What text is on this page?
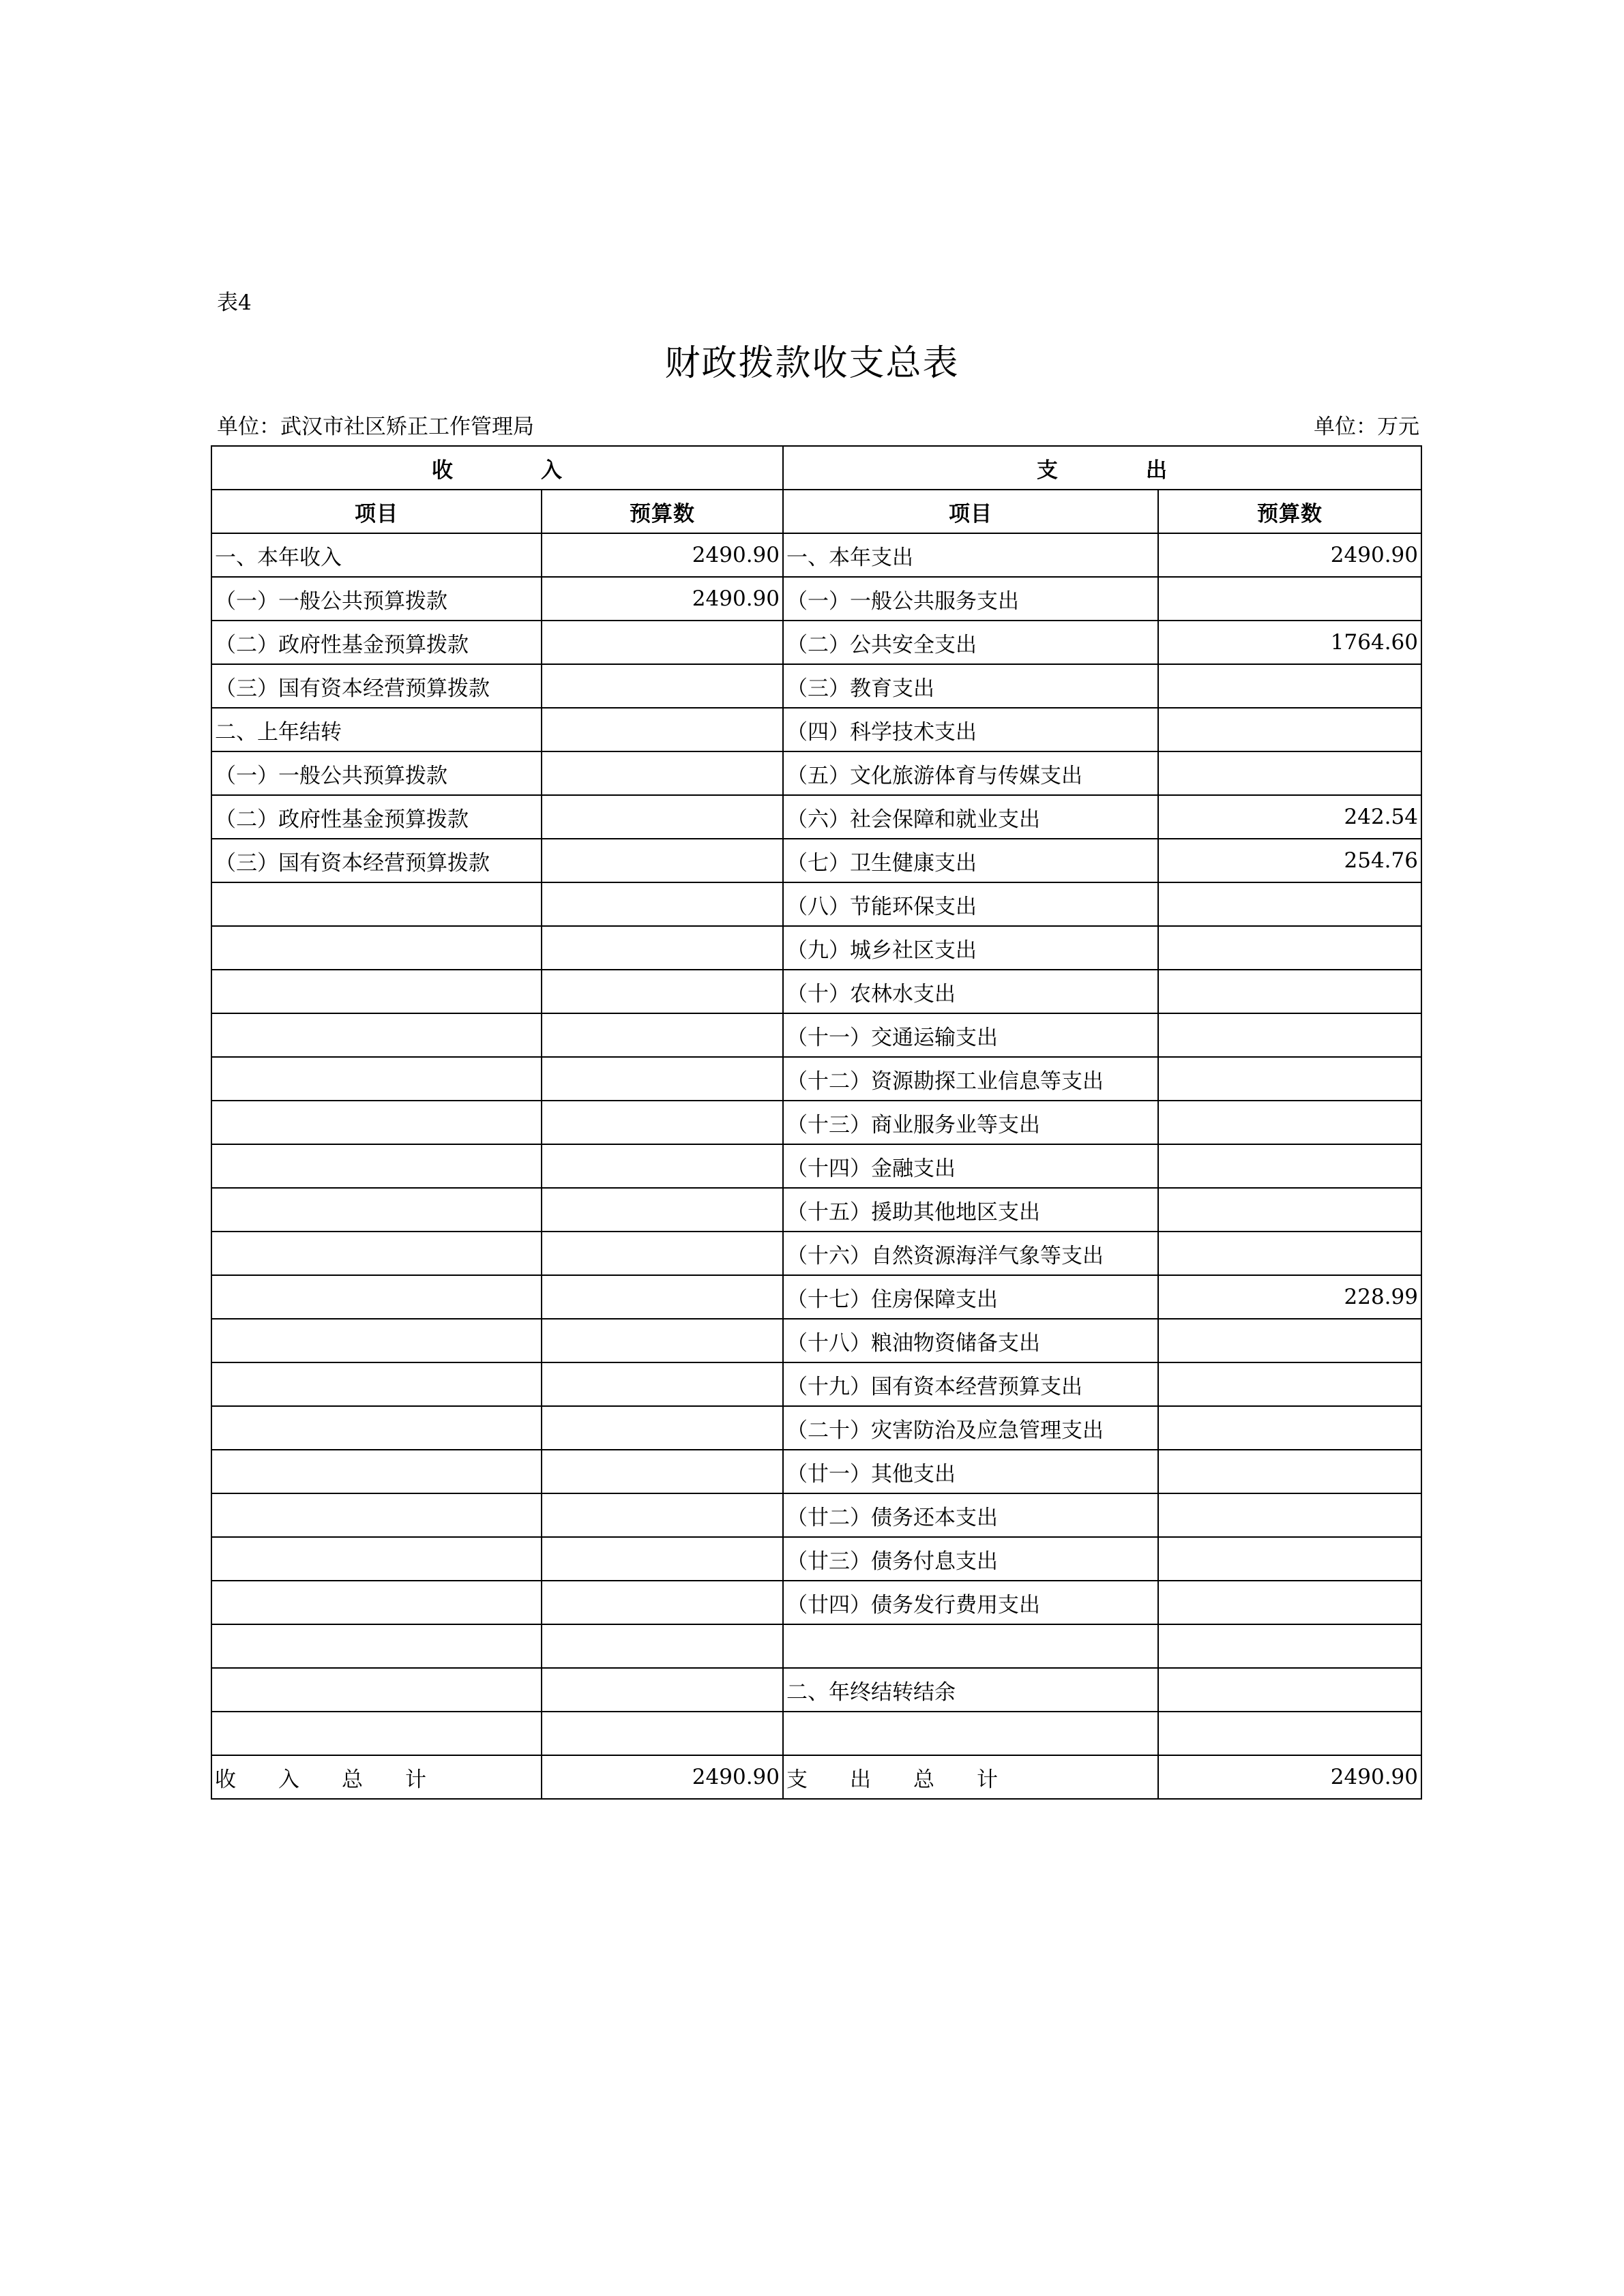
表4
财政拨款收支总表
单位：武汉市社区矫正工作管理局	单位：万元
收　　　　入		支　　　　出	
项目	预算数	项目	预算数
一、本年收入	2490.90	一、本年支出	2490.90
（一）一般公共预算拨款	2490.90	（一）一般公共服务支出	
（二）政府性基金预算拨款		（二）公共安全支出	1764.60
（三）国有资本经营预算拨款		（三）教育支出	
二、上年结转		（四）科学技术支出	
（一）一般公共预算拨款		（五）文化旅游体育与传媒支出	
（二）政府性基金预算拨款		（六）社会保障和就业支出	242.54
（三）国有资本经营预算拨款		（七）卫生健康支出	254.76
		（八）节能环保支出	
		（九）城乡社区支出	
		（十）农林水支出	
		（十一）交通运输支出	
		（十二）资源勘探工业信息等支出	
		（十三）商业服务业等支出	
		（十四）金融支出	
		（十五）援助其他地区支出	
		（十六）自然资源海洋气象等支出	
		（十七）住房保障支出	228.99
		（十八）粮油物资储备支出	
		（十九）国有资本经营预算支出	
		（二十）灾害防治及应急管理支出	
		（廿一）其他支出	
		（廿二）债务还本支出	
		（廿三）债务付息支出	
		（廿四）债务发行费用支出	

		二、年终结转结余	

收　　入　　总　　计	2490.90	支　　出　　总　　计	2490.90
